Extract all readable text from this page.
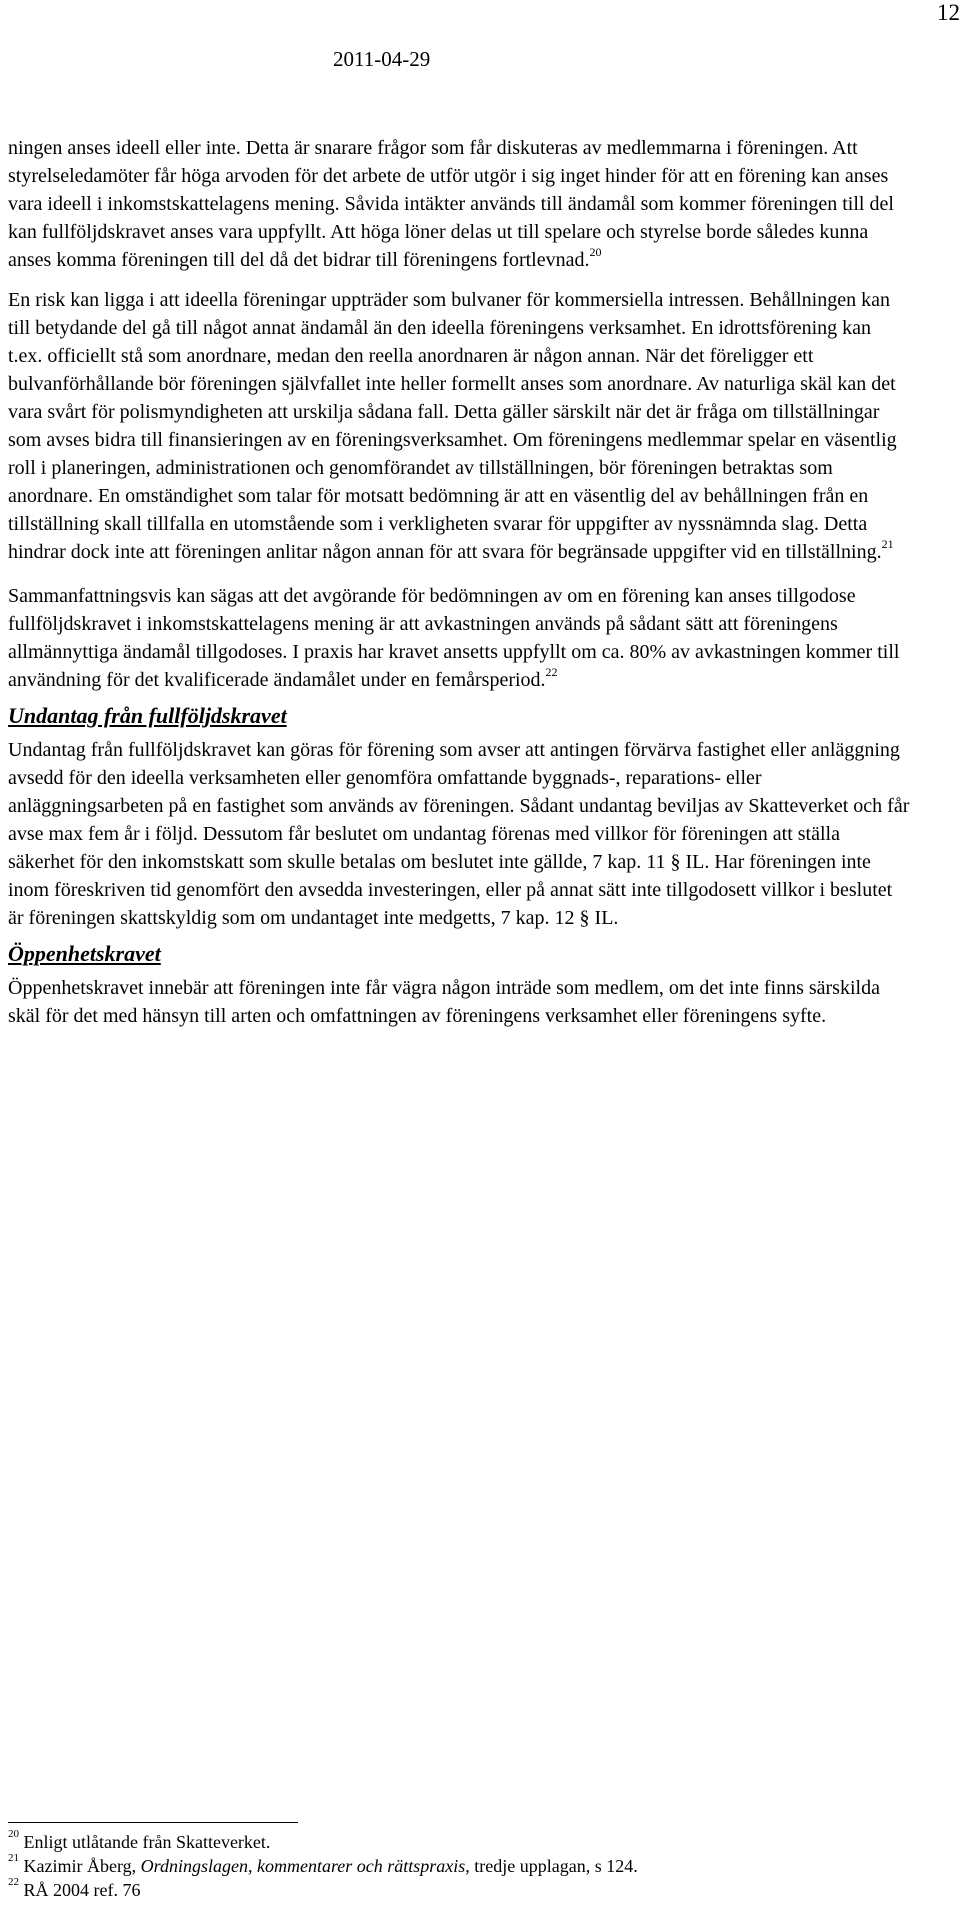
12
2011-04-29

ningen anses ideell eller inte. Detta är snarare frågor som får diskuteras av medlemmarna i föreningen. Att styrelseledamöter får höga arvoden för det arbete de utför utgör i sig inget hinder för att en förening kan anses vara ideell i inkomstskattelagens mening. Såvida intäkter används till ändamål som kommer föreningen till del kan fullföljdskravet anses vara uppfyllt. Att höga löner delas ut till spelare och styrelse borde således kunna anses komma föreningen till del då det bidrar till föreningens fortlevnad.$^{20}$

En risk kan ligga i att ideella föreningar uppträder som bulvaner för kommersiella intressen. Behållningen kan till betydande del gå till något annat ändamål än den ideella föreningens verksamhet. En idrottsförening kan t.ex. officiellt stå som anordnare, medan den reella anordnaren är någon annan. När det föreligger ett bulvanförhållande bör föreningen självfallet inte heller formellt anses som anordnare. Av naturliga skäl kan det vara svårt för polismyndigheten att urskilja sådana fall. Detta gäller särskilt när det är fråga om tillställningar som avses bidra till finansieringen av en föreningsverksamhet. Om föreningens medlemmar spelar en väsentlig roll i planeringen, administrationen och genomförandet av tillställningen, bör föreningen betraktas som anordnare. En omständighet som talar för motsatt bedömning är att en väsentlig del av behållningen från en tillställning skall tillfalla en utomstående som i verkligheten svarar för uppgifter av nyssnämnda slag. Detta hindrar dock inte att föreningen anlitar någon annan för att svara för begränsade uppgifter vid en tillställning.$^{21}$

Sammanfattningsvis kan sägas att det avgörande för bedömningen av om en förening kan anses tillgodose fullföljdskravet i inkomstskattelagens mening är att avkastningen används på sådant sätt att föreningens allmännyttiga ändamål tillgodoses. I praxis har kravet ansetts uppfyllt om ca. 80% av avkastningen kommer till användning för det kvalificerade ändamålet under en femårsperiod.$^{22}$

Undantag från fullföljdskravet

Undantag från fullföljdskravet kan göras för förening som avser att antingen förvärva fastighet eller anläggning avsedd för den ideella verksamheten eller genomföra omfattande byggnads-, reparations- eller anläggningsarbeten på en fastighet som används av föreningen. Sådant undantag beviljas av Skatteverket och får avse max fem år i följd. Dessutom får beslutet om undantag förenas med villkor för föreningen att ställa säkerhet för den inkomstskatt som skulle betalas om beslutet inte gällde, 7 kap. 11 § IL. Har föreningen inte inom föreskriven tid genomfört den avsedda investeringen, eller på annat sätt inte tillgodosett villkor i beslutet är föreningen skattskyldig som om undantaget inte medgetts, 7 kap. 12 § IL.

Öppenhetskravet

Öppenhetskravet innebär att föreningen inte får vägra någon inträde som medlem, om det inte finns särskilda skäl för det med hänsyn till arten och omfattningen av föreningens verksamhet eller föreningens syfte.

$^{20}$ Enligt utlåtande från Skatteverket.
$^{21}$ Kazimir Åberg, Ordningslagen, kommentarer och rättspraxis, tredje upplagan, s 124.
$^{22}$ RÅ 2004 ref. 76
